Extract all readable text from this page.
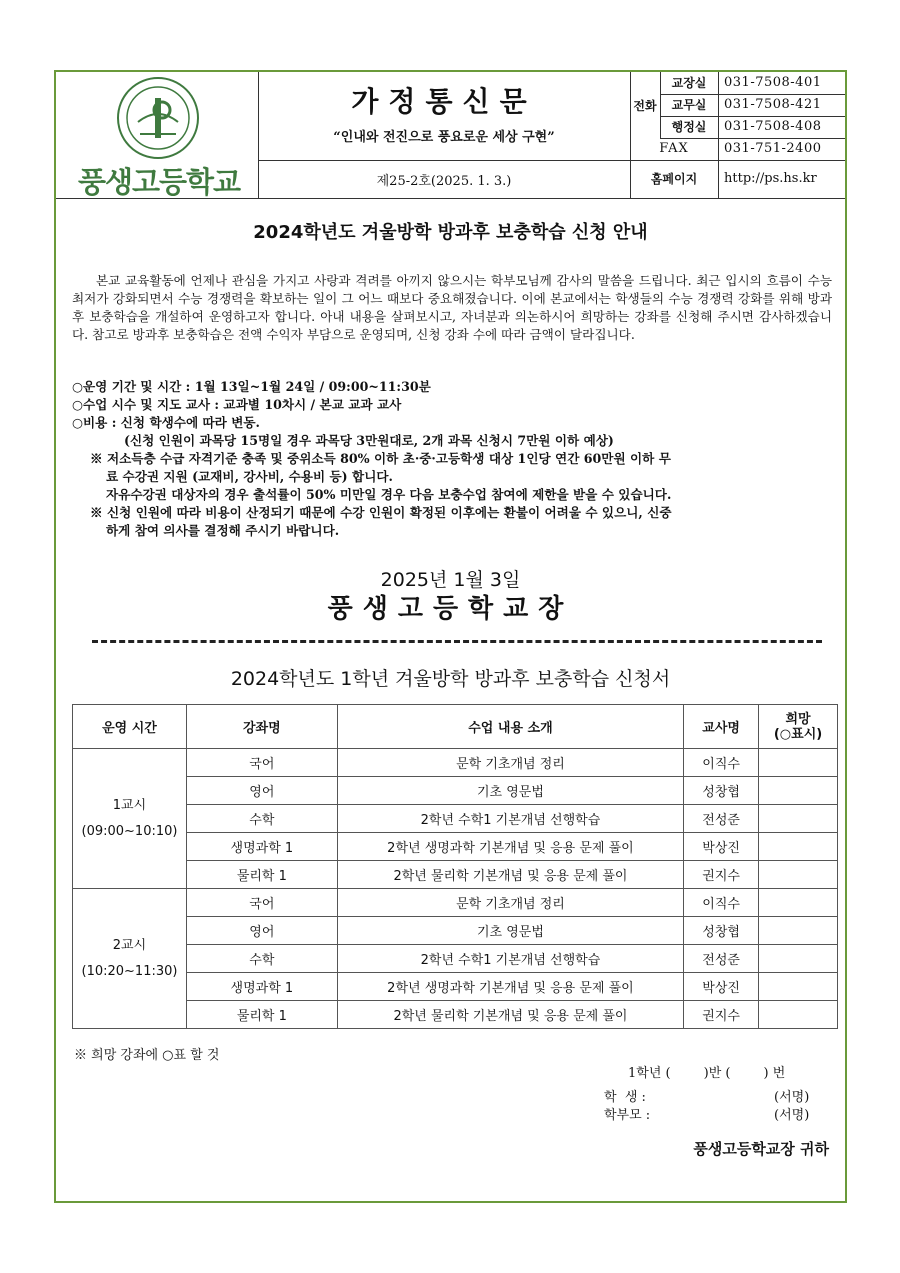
풍생고등학교
가정통신문
“인내와 전진으로 풍요로운 세상 구현”
제25-2호(2025. 1. 3.)
전화
교장실	031-7508-401
교무실	031-7508-421
행정실	031-7508-408
FAX	031-751-2400
홈페이지	http://ps.hs.kr
2024학년도 겨울방학 방과후 보충학습 신청 안내
본교 교육활동에 언제나 관심을 가지고 사랑과 격려를 아끼지 않으시는 학부모님께 감사의 말씀을 드립니다. 최근 입시의 흐름이 수능 최저가 강화되면서 수능 경쟁력을 확보하는 일이 그 어느 때보다 중요해졌습니다. 이에 본교에서는 학생들의 수능 경쟁력 강화를 위해 방과후 보충학습을 개설하여 운영하고자 합니다. 아내 내용을 살펴보시고, 자녀분과 의논하시어 희망하는 강좌를 신청해 주시면 감사하겠습니다. 참고로 방과후 보충학습은 전액 수익자 부담으로 운영되며, 신청 강좌 수에 따라 금액이 달라집니다.
○운영 기간 및 시간 : 1월 13일~1월 24일 / 09:00~11:30분
○수업 시수 및 지도 교사 : 교과별 10차시 / 본교 교과 교사
○비용 : 신청 학생수에 따라 변동.
(신청 인원이 과목당 15명일 경우 과목당 3만원대로, 2개 과목 신청시 7만원 이하 예상)
※ 저소득층 수급 자격기준 충족 및 중위소득 80% 이하 초·중·고등학생 대상 1인당 연간 60만원 이하 무
료 수강권 지원 (교재비, 강사비, 수용비 등) 합니다.
자유수강권 대상자의 경우 출석률이 50% 미만일 경우 다음 보충수업 참여에 제한을 받을 수 있습니다.
※ 신청 인원에 따라 비용이 산정되기 때문에 수강 인원이 확정된 이후에는 환불이 어려울 수 있으니, 신중
하게 참여 의사를 결정해 주시기 바랍니다.
2025년 1월 3일
풍생고등학교장
2024학년도 1학년 겨울방학 방과후 보충학습 신청서
운영 시간	강좌명	수업 내용 소개	교사명	희망
(○표시)

1교시
(09:00~10:10)	국어	문학 기초개념 정리	이직수	
	영어	기초 영문법	성창협	
	수학	2학년 수학1 기본개념 선행학습	전성준	
	생명과학 1	2학년 생명과학 기본개념 및 응용 문제 풀이	박상진	
	물리학 1	2학년 물리학 기본개념 및 응용 문제 풀이	권지수	

2교시
(10:20~11:30)	국어	문학 기초개념 정리	이직수	
	영어	기초 영문법	성창협	
	수학	2학년 수학1 기본개념 선행학습	전성준	
	생명과학 1	2학년 생명과학 기본개념 및 응용 문제 풀이	박상진	
	물리학 1	2학년 물리학 기본개념 및 응용 문제 풀이	권지수	
※ 희망 강좌에 ○표 할 것
1학년 (        )반 (        ) 번
학  생 :	(서명)
학부모 :	(서명)
풍생고등학교장 귀하
